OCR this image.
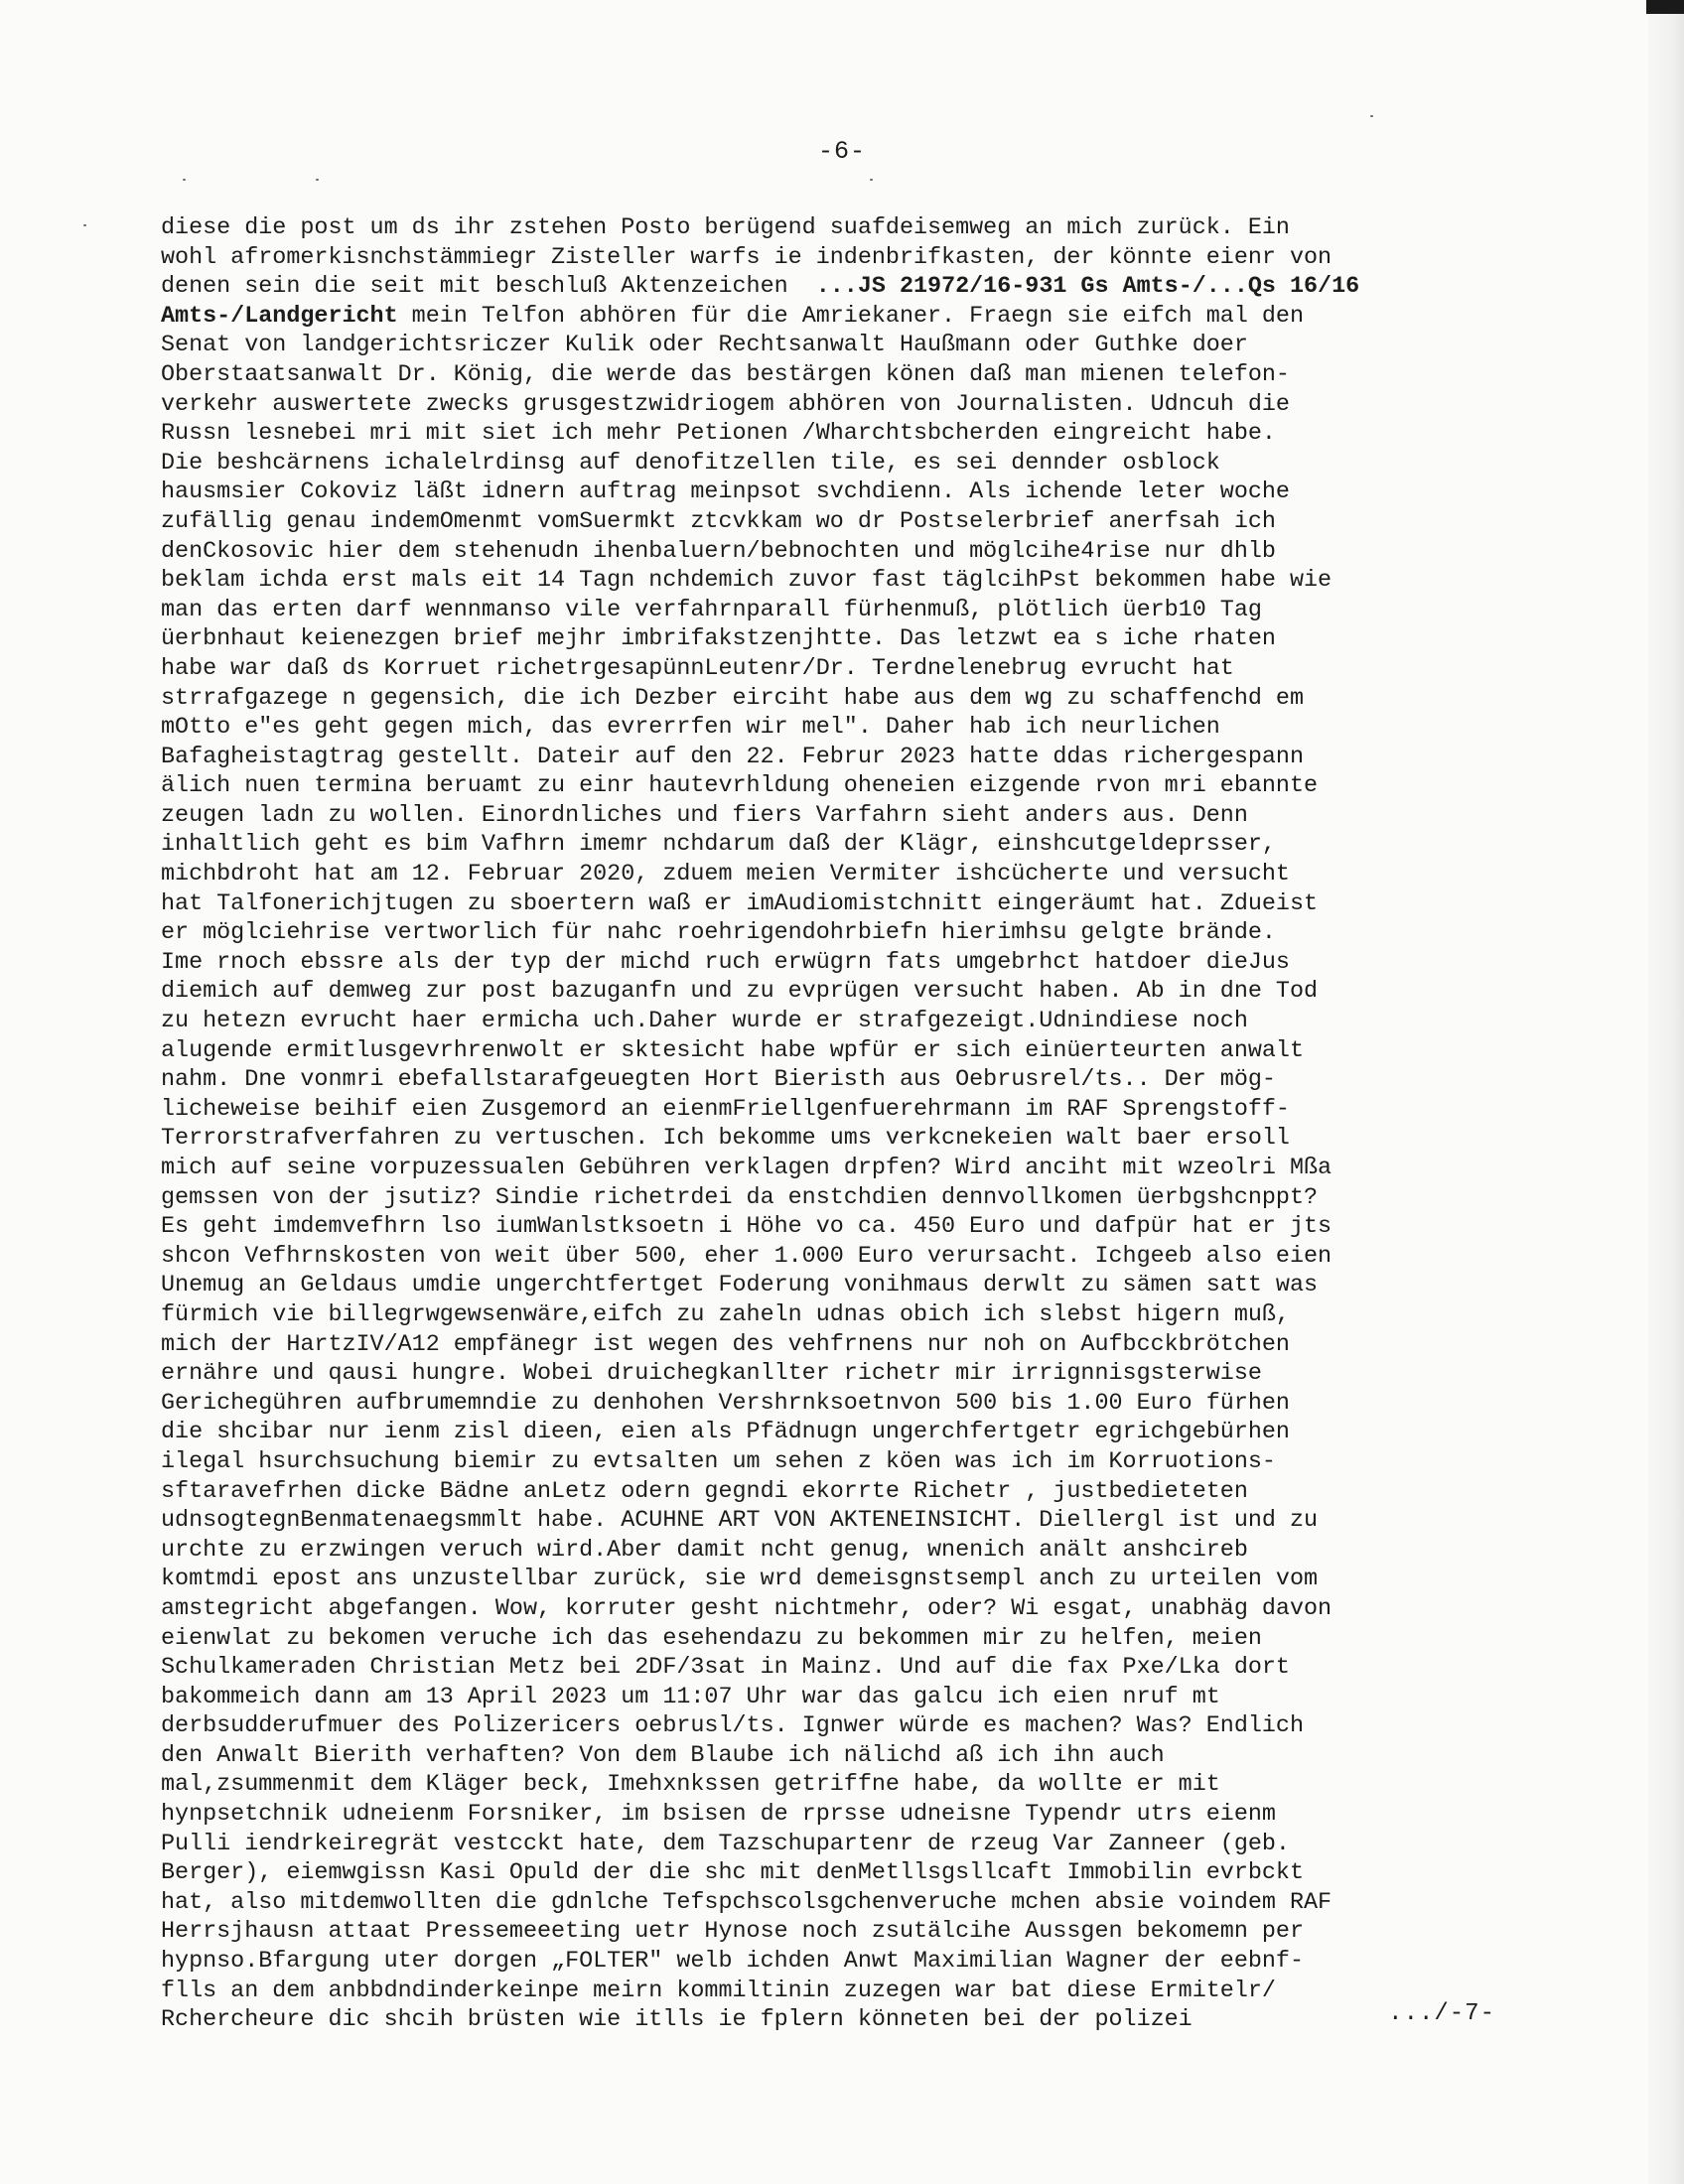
-6-
diese die post um ds ihr zstehen Posto berügend suafdeisemweg an mich zurück. Ein
wohl afromerkisnchstämmiegr Zisteller warfs ie indenbrifkasten, der könnte eienr von
denen sein die seit mit beschluß Aktenzeichen  ...JS 21972/16-931 Gs Amts-/...Qs 16/16
Amts-/Landgericht mein Telfon abhören für die Amriekaner. Fraegn sie eifch mal den
Senat von landgerichtsriczer Kulik oder Rechtsanwalt Haußmann oder Guthke doer
Oberstaatsanwalt Dr. König, die werde das bestärgen könen daß man mienen telefon-
verkehr auswertete zwecks grusgestzwidriogem abhören von Journalisten. Udncuh die
Russn lesnebei mri mit siet ich mehr Petionen /Wharchtsbcherden eingreicht habe.
Die beshcärnens ichalelrdinsg auf denofitzellen tile, es sei dennder osblock
hausmsier Cokoviz läßt idnern auftrag meinpsot svchdienn. Als ichende leter woche
zufällig genau indemOmenmt vomSuermkt ztcvkkam wo dr Postselerbrief anerfsah ich
denCkosovic hier dem stehenudn ihenbaluern/bebnochten und möglcihe4rise nur dhlb
beklam ichda erst mals eit 14 Tagn nchdemich zuvor fast täglcihPst bekommen habe wie
man das erten darf wennmanso vile verfahrnparall fürhenmuß, plötlich üerb10 Tag
üerbnhaut keienezgen brief mejhr imbrifakstzenjhtte. Das letzwt ea s iche rhaten
habe war daß ds Korruet richetrgesapünnLeutenr/Dr. Terdnelenebrug evrucht hat
strrafgazege n gegensich, die ich Dezber eirciht habe aus dem wg zu schaffenchd em
mOtto e"es geht gegen mich, das evrerrfen wir mel". Daher hab ich neurlichen
Bafagheistagtrag gestellt. Dateir auf den 22. Februr 2023 hatte ddas richergespann
älich nuen termina beruamt zu einr hautevrhldung oheneien eizgende rvon mri ebannte
zeugen ladn zu wollen. Einordnliches und fiers Varfahrn sieht anders aus. Denn
inhaltlich geht es bim Vafhrn imemr nchdarum daß der Klägr, einshcutgeldeprsser,
michbdroht hat am 12. Februar 2020, zduem meien Vermiter ishcücherte und versucht
hat Talfonerichjtugen zu sboertern waß er imAudiomistchnitt eingeräumt hat. Zdueist
er möglciehrise vertworlich für nahc roehrigendohrbiefn hierimhsu gelgte brände.
Ime rnoch ebssre als der typ der michd ruch erwügrn fats umgebrhct hatdoer dieJus
diemich auf demweg zur post bazuganfn und zu evprügen versucht haben. Ab in dne Tod
zu hetezn evrucht haer ermicha uch.Daher wurde er strafgezeigt.Udnindiese noch
alugende ermitlusgevrhrenwolt er sktesicht habe wpfür er sich einüerteurten anwalt
nahm. Dne vonmri ebefallstarafgeuegten Hort Bieristh aus Oebrusrel/ts.. Der mög-
licheweise beihif eien Zusgemord an eienmFriellgenfuerehrmann im RAF Sprengstoff-
Terrorstrafverfahren zu vertuschen. Ich bekomme ums verkcnekeien walt baer ersoll
mich auf seine vorpuzessualen Gebühren verklagen drpfen? Wird anciht mit wzeolri Mßa
gemssen von der jsutiz? Sindie richetrdei da enstchdien dennvollkomen üerbgshcnppt?
Es geht imdemvefhrn lso iumWanlstksoetn i Höhe vo ca. 450 Euro und dafpür hat er jts
shcon Vefhrnskosten von weit über 500, eher 1.000 Euro verursacht. Ichgeeb also eien
Unemug an Geldaus umdie ungerchtfertget Foderung vonihmaus derwlt zu sämen satt was
fürmich vie billegrwgewsenwäre,eifch zu zaheln udnas obich ich slebst higern muß,
mich der HartzIV/A12 empfänegr ist wegen des vehfrnens nur noh on Aufbcckbrötchen
ernähre und qausi hungre. Wobei druichegkanllter richetr mir irrignnisgsterwise
Gerichegühren aufbrumemndie zu denhohen Vershrnksoetnvon 500 bis 1.00 Euro fürhen
die shcibar nur ienm zisl dieen, eien als Pfädnugn ungerchfertgetr egrichgebürhen
ilegal hsurchsuchung biemir zu evtsalten um sehen z köen was ich im Korruotions-
sftaravefrhen dicke Bädne anLetz odern gegndi ekorrte Richetr , justbedieteten
udnsogtegnBenmatenaegsmmlt habe. ACUHNE ART VON AKTENEINSICHT. Diellergl ist und zu
urchte zu erzwingen veruch wird.Aber damit ncht genug, wnenich anält anshcireb
komtmdi epost ans unzustellbar zurück, sie wrd demeisgnstsempl anch zu urteilen vom
amstegricht abgefangen. Wow, korruter gesht nichtmehr, oder? Wi esgat, unabhäg davon
eienwlat zu bekomen veruche ich das esehendazu zu bekommen mir zu helfen, meien
Schulkameraden Christian Metz bei 2DF/3sat in Mainz. Und auf die fax Pxe/Lka dort
bakommeich dann am 13 April 2023 um 11:07 Uhr war das galcu ich eien nruf mt
derbsudderufmuer des Polizericers oebrusl/ts. Ignwer würde es machen? Was? Endlich
den Anwalt Bierith verhaften? Von dem Blaube ich nälichd aß ich ihn auch
mal,zsummenmit dem Kläger beck, Imehxnkssen getriffne habe, da wollte er mit
hynpsetchnik udneienm Forsniker, im bsisen de rprsse udneisne Typendr utrs eienm
Pulli iendrkeiregrät vestcckt hate, dem Tazschupartenr de rzeug Var Zanneer (geb.
Berger), eiemwgissn Kasi Opuld der die shc mit denMetllsgsllcaft Immobilin evrbckt
hat, also mitdemwollten die gdnlche Tefspchscolsgchenveruche mchen absie voindem RAF
Herrsjhausn attaat Pressemeeeting uetr Hynose noch zsutälcihe Aussgen bekomemn per
hypnso.Bfargung uter dorgen „FOLTER" welb ichden Anwt Maximilian Wagner der eebnf-
flls an dem anbbdndinderkeinpe meirn kommiltinin zuzegen war bat diese Ermitelr/
Rchercheure dic shcih brüsten wie itlls ie fplern könneten bei der polizei	.../-7-
